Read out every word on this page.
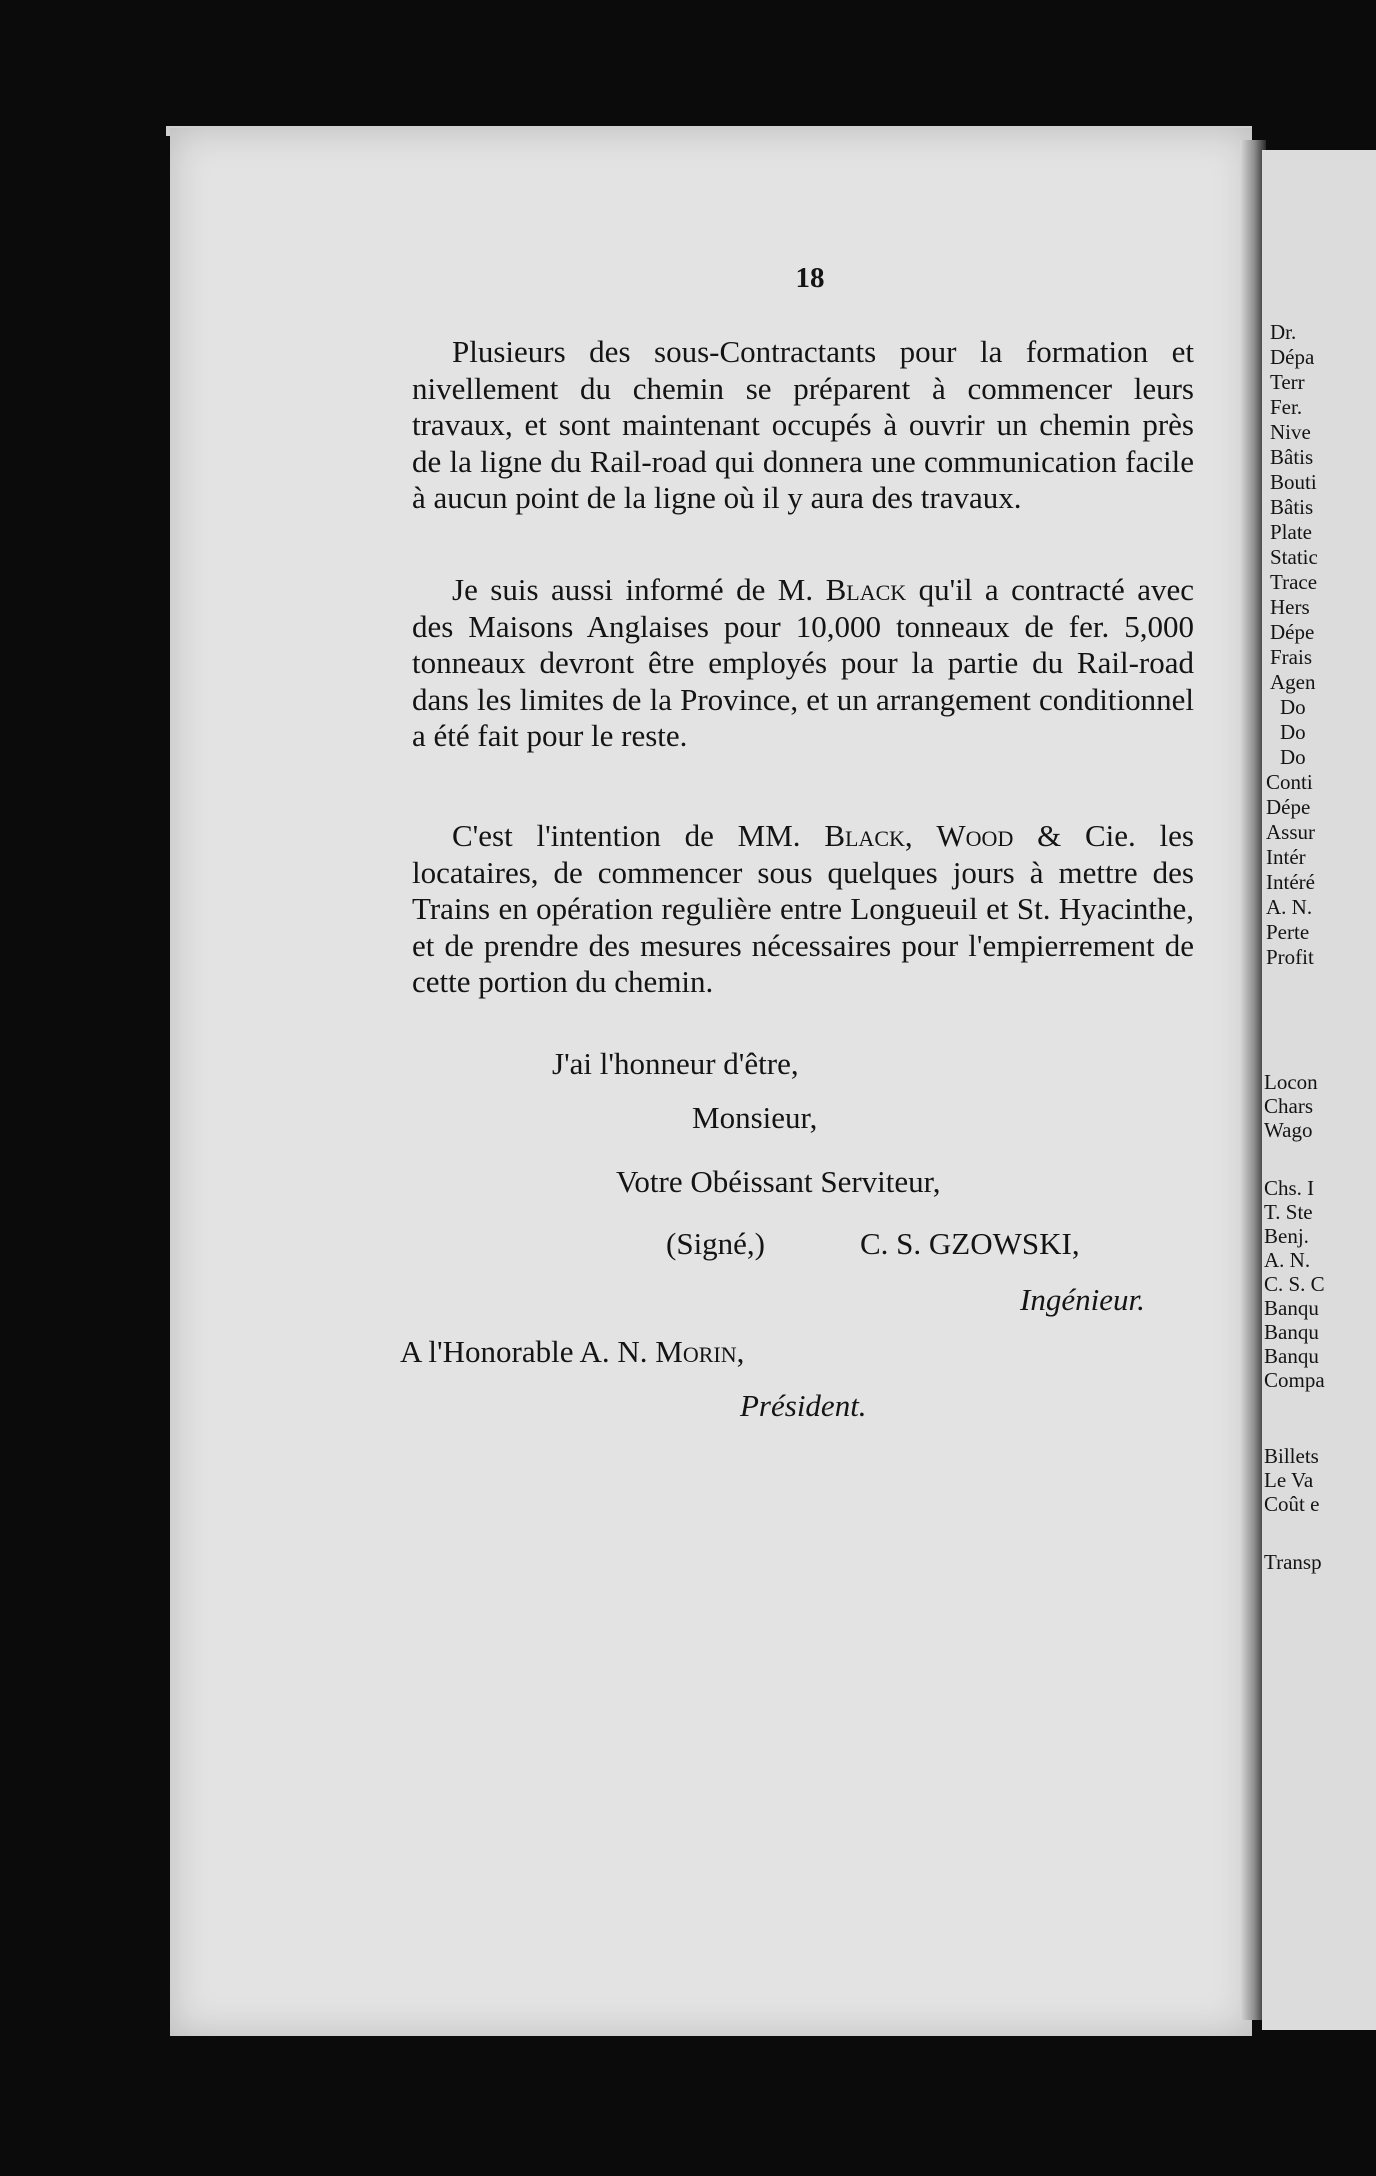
Dr.
Dépa
Terr
Fer.
Nive
Bâtis
Bouti
Bâtis
Plate
Static
Trace
Hers
Dépe
Frais
Agen
Do
Do
Do
Conti
Dépe
Assur
Intér
Intéré
A. N.
Perte
Profit
Locon
Chars
Wago
Chs. I
T. Ste
Benj.
A. N.
C. S. C
Banqu
Banqu
Banqu
Compa
Billets
Le Va
Coût e
Transp
18

Plusieurs des sous-Contractants pour la formation et nivellement du chemin se préparent à commencer leurs travaux, et sont maintenant occupés à ouvrir un chemin près de la ligne du Rail-road qui donnera une communication facile à aucun point de la ligne où il y aura des travaux.

Je suis aussi informé de M. Black qu'il a contracté avec des Maisons Anglaises pour 10,000 tonneaux de fer. 5,000 tonneaux devront être employés pour la partie du Rail-road dans les limites de la Province, et un arrangement conditionnel a été fait pour le reste.

C'est l'intention de MM. Black, Wood & Cie. les locataires, de commencer sous quelques jours à mettre des Trains en opération regulière entre Longueuil et St. Hyacinthe, et de prendre des mesures nécessaires pour l'empierrement de cette portion du chemin.

J'ai l'honneur d'être,
Monsieur,
Votre Obéissant Serviteur,
(Signé,)	C. S. GZOWSKI,
Ingénieur.
A l'Honorable A. N. Morin,
Président.
